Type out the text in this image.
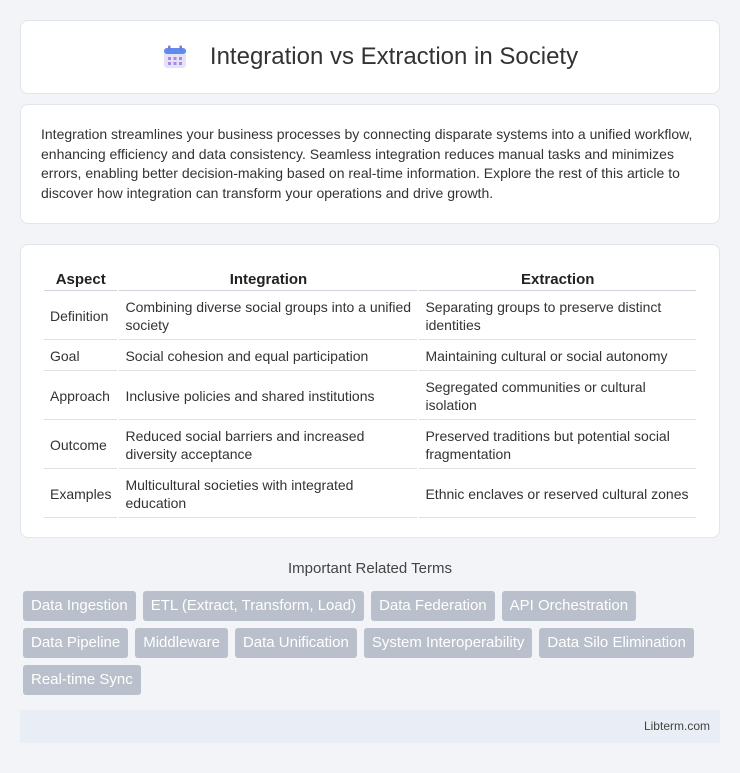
Integration vs Extraction in Society

Integration streamlines your business processes by connecting disparate systems into a unified workflow, enhancing efficiency and data consistency. Seamless integration reduces manual tasks and minimizes errors, enabling better decision-making based on real-time information. Explore the rest of this article to discover how integration can transform your operations and drive growth.

Aspect	Integration	Extraction
Definition	Combining diverse social groups into a unified society	Separating groups to preserve distinct identities
Goal	Social cohesion and equal participation	Maintaining cultural or social autonomy
Approach	Inclusive policies and shared institutions	Segregated communities or cultural isolation
Outcome	Reduced social barriers and increased diversity acceptance	Preserved traditions but potential social fragmentation
Examples	Multicultural societies with integrated education	Ethnic enclaves or reserved cultural zones
Important Related Terms
Data Ingestion	ETL (Extract, Transform, Load)	Data Federation	API Orchestration
Data Pipeline	Middleware	Data Unification	System Interoperability	Data Silo Elimination
Real-time Sync
Libterm.com
